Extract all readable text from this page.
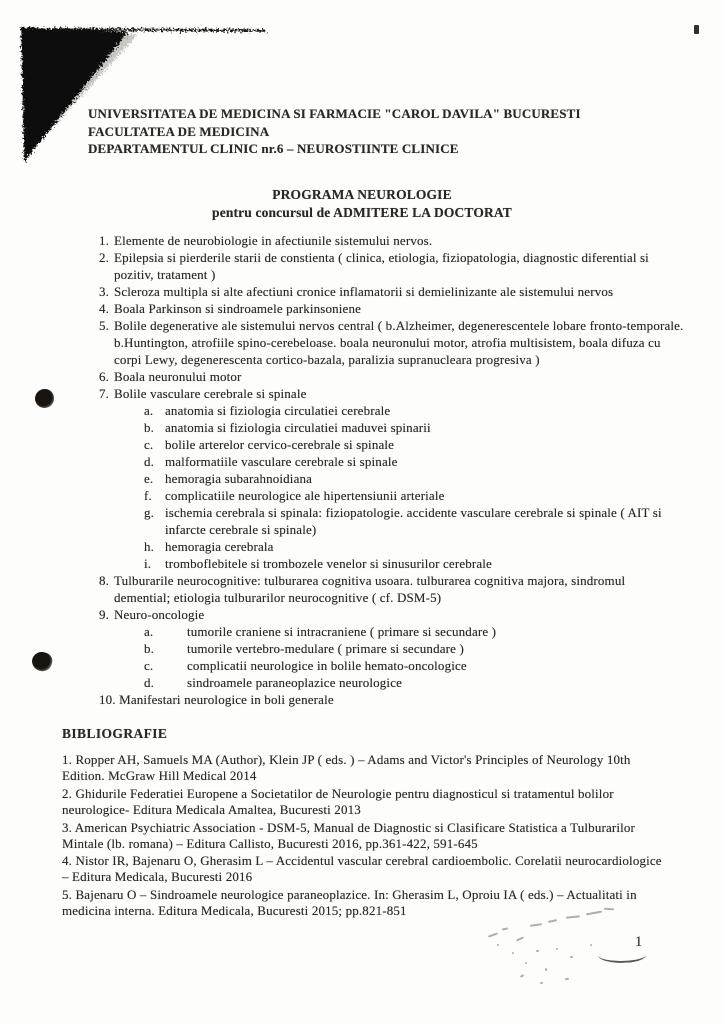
UNIVERSITATEA DE MEDICINA SI FARMACIE "CAROL DAVILA" BUCURESTI
FACULTATEA DE MEDICINA
DEPARTAMENTUL CLINIC nr.6 – NEUROSTIINTE CLINICE
PROGRAMA NEUROLOGIE
pentru concursul de ADMITERE LA DOCTORAT
1. Elemente de neurobiologie in afectiunile sistemului nervos.
2. Epilepsia si pierderile starii de constienta ( clinica, etiologia, fiziopatologia, diagnostic diferential si pozitiv, tratament )
3. Scleroza multipla si alte afectiuni cronice inflamatorii si demielinizante ale sistemului nervos
4. Boala Parkinson si sindroamele parkinsoniene
5. Bolile degenerative ale sistemului nervos central ( b.Alzheimer, degenerescentele lobare fronto-temporale. b.Huntington, atrofiile spino-cerebeloase. boala neuronului motor, atrofia multisistem, boala difuza cu corpi Lewy, degenerescenta cortico-bazala, paralizia supranucleara progresiva )
6. Boala neuronului motor
7. Bolile vasculare cerebrale si spinale
a. anatomia si fiziologia circulatiei cerebrale
b. anatomia si fiziologia circulatiei maduvei spinarii
c. bolile arterelor cervico-cerebrale si spinale
d. malformatiile vasculare cerebrale si spinale
e. hemoragia subarahnoidiana
f.	complicatiile neurologice ale hipertensiunii arteriale
g. ischemia cerebrala si spinala: fiziopatologie. accidente vasculare cerebrale si spinale ( AIT si infarcte cerebrale si spinale)
h. hemoragia cerebrala
i.	tromboflebitele si trombozele venelor si sinusurilor cerebrale
8. Tulburarile neurocognitive: tulburarea cognitiva usoara. tulburarea cognitiva majora, sindromul demential; etiologia tulburarilor neurocognitive ( cf. DSM-5)
9. Neuro-oncologie
a.	tumorile craniene si intracraniene ( primare si secundare )
b.	tumorile vertebro-medulare ( primare si secundare )
c.	complicatii neurologice in bolile hemato-oncologice
d.	sindroamele paraneoplazice neurologice
10. Manifestari neurologice in boli generale
BIBLIOGRAFIE

1. Ropper AH, Samuels MA (Author), Klein JP ( eds. ) – Adams and Victor's Principles of Neurology 10th Edition. McGraw Hill Medical 2014

2. Ghidurile Federatiei Europene a Societatilor de Neurologie pentru diagnosticul si tratamentul bolilor neurologice- Editura Medicala Amaltea, Bucuresti 2013

3. American Psychiatric Association - DSM-5, Manual de Diagnostic si Clasificare Statistica a Tulburarilor Mintale (lb. romana) – Editura Callisto, Bucuresti 2016, pp.361-422, 591-645

4. Nistor IR, Bajenaru O, Gherasim L – Accidentul vascular cerebral cardioembolic. Corelatii neurocardiologice – Editura Medicala, Bucuresti 2016

5. Bajenaru O – Sindroamele neurologice paraneoplazice. In: Gherasim L, Oproiu IA ( eds.) – Actualitati in medicina interna. Editura Medicala, Bucuresti 2015; pp.821-851

1
